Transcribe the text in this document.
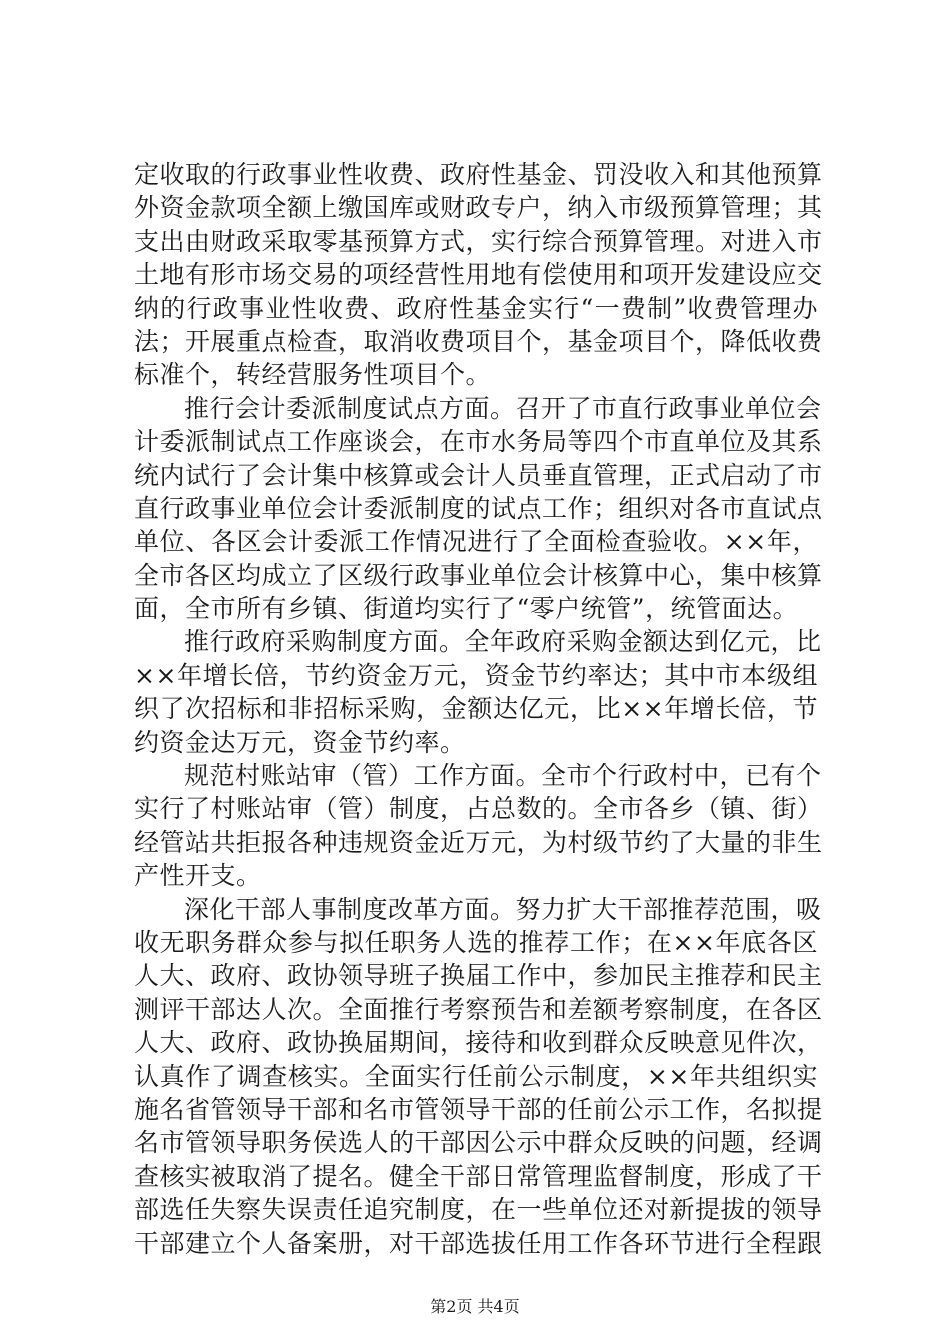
定收取的行政事业性收费、政府性基金、罚没收入和其他预算
外资金款项全额上缴国库或财政专户，纳入市级预算管理；其
支出由财政采取零基预算方式，实行综合预算管理。对进入市
土地有形市场交易的项经营性用地有偿使用和项开发建设应交
纳的行政事业性收费、政府性基金实行“一费制”收费管理办
法；开展重点检查，取消收费项目个，基金项目个，降低收费
标准个，转经营服务性项目个。
推行会计委派制度试点方面。召开了市直行政事业单位会
计委派制试点工作座谈会，在市水务局等四个市直单位及其系
统内试行了会计集中核算或会计人员垂直管理，正式启动了市
直行政事业单位会计委派制度的试点工作；组织对各市直试点
单位、各区会计委派工作情况进行了全面检查验收。××年，
全市各区均成立了区级行政事业单位会计核算中心，集中核算
面，全市所有乡镇、街道均实行了“零户统管”，统管面达。
推行政府采购制度方面。全年政府采购金额达到亿元，比
××年增长倍，节约资金万元，资金节约率达；其中市本级组
织了次招标和非招标采购，金额达亿元，比××年增长倍，节
约资金达万元，资金节约率。
规范村账站审（管）工作方面。全市个行政村中，已有个
实行了村账站审（管）制度，占总数的。全市各乡（镇、街）
经管站共拒报各种违规资金近万元，为村级节约了大量的非生
产性开支。
深化干部人事制度改革方面。努力扩大干部推荐范围，吸
收无职务群众参与拟任职务人选的推荐工作；在××年底各区
人大、政府、政协领导班子换届工作中，参加民主推荐和民主
测评干部达人次。全面推行考察预告和差额考察制度，在各区
人大、政府、政协换届期间，接待和收到群众反映意见件次，
认真作了调查核实。全面实行任前公示制度，××年共组织实
施名省管领导干部和名市管领导干部的任前公示工作，名拟提
名市管领导职务侯选人的干部因公示中群众反映的问题，经调
查核实被取消了提名。健全干部日常管理监督制度，形成了干
部选任失察失误责任追究制度，在一些单位还对新提拔的领导
干部建立个人备案册，对干部选拔任用工作各环节进行全程跟
第2页 共4页
